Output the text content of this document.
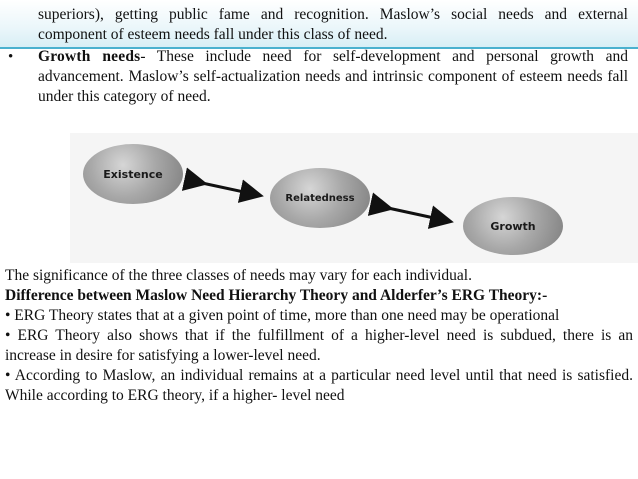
superiors), getting public fame and recognition. Maslow’s social needs and external component of esteem needs fall under this class of need.
• Growth needs- These include need for self-development and personal growth and advancement. Maslow’s self-actualization needs and intrinsic component of esteem needs fall under this category of need.
Existence
Relatedness
Growth

The significance of the three classes of needs may vary for each individual.

Difference between Maslow Need Hierarchy Theory and Alderfer’s ERG Theory:-

• ERG Theory states that at a given point of time, more than one need may be operational

• ERG Theory also shows that if the fulfillment of a higher-level need is subdued, there is an increase in desire for satisfying a lower-level need.

• According to Maslow, an individual remains at a particular need level until that need is satisfied. While according to ERG theory, if a higher- level need
